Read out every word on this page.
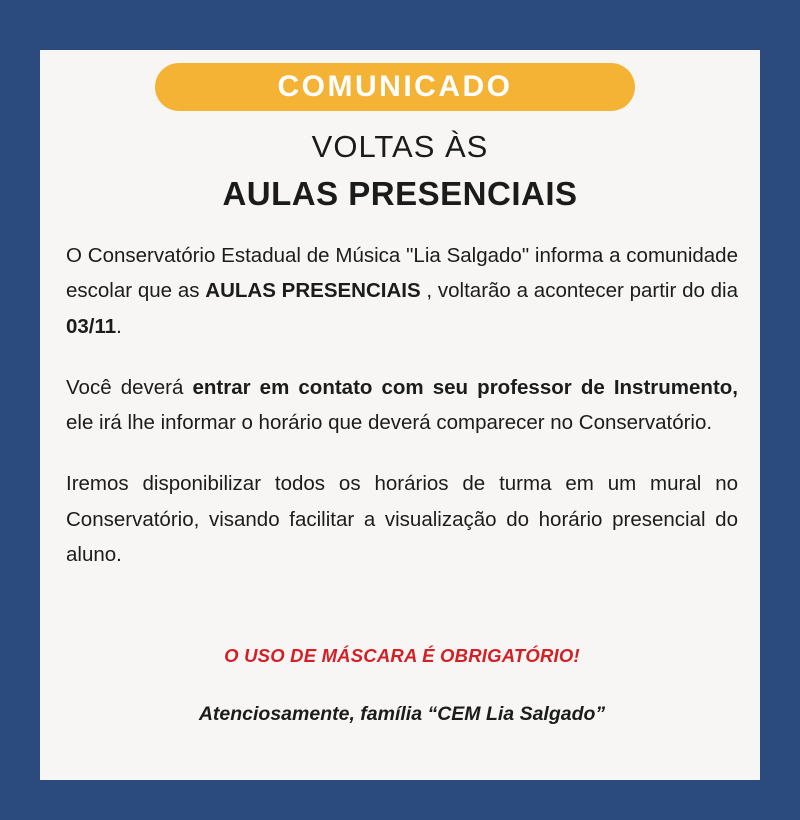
COMUNICADO
VOLTAS ÀS
AULAS PRESENCIAIS

O Conservatório Estadual de Música "Lia Salgado" informa a comunidade escolar que as AULAS PRESENCIAIS , voltarão a acontecer partir do dia 03/11.

Você deverá entrar em contato com seu professor de Instrumento, ele irá lhe informar o horário que deverá comparecer no Conservatório.

Iremos disponibilizar todos os horários de turma em um mural no Conservatório, visando facilitar a visualização do horário presencial do aluno.

O USO DE MÁSCARA É OBRIGATÓRIO!
Atenciosamente, família “CEM Lia Salgado”
